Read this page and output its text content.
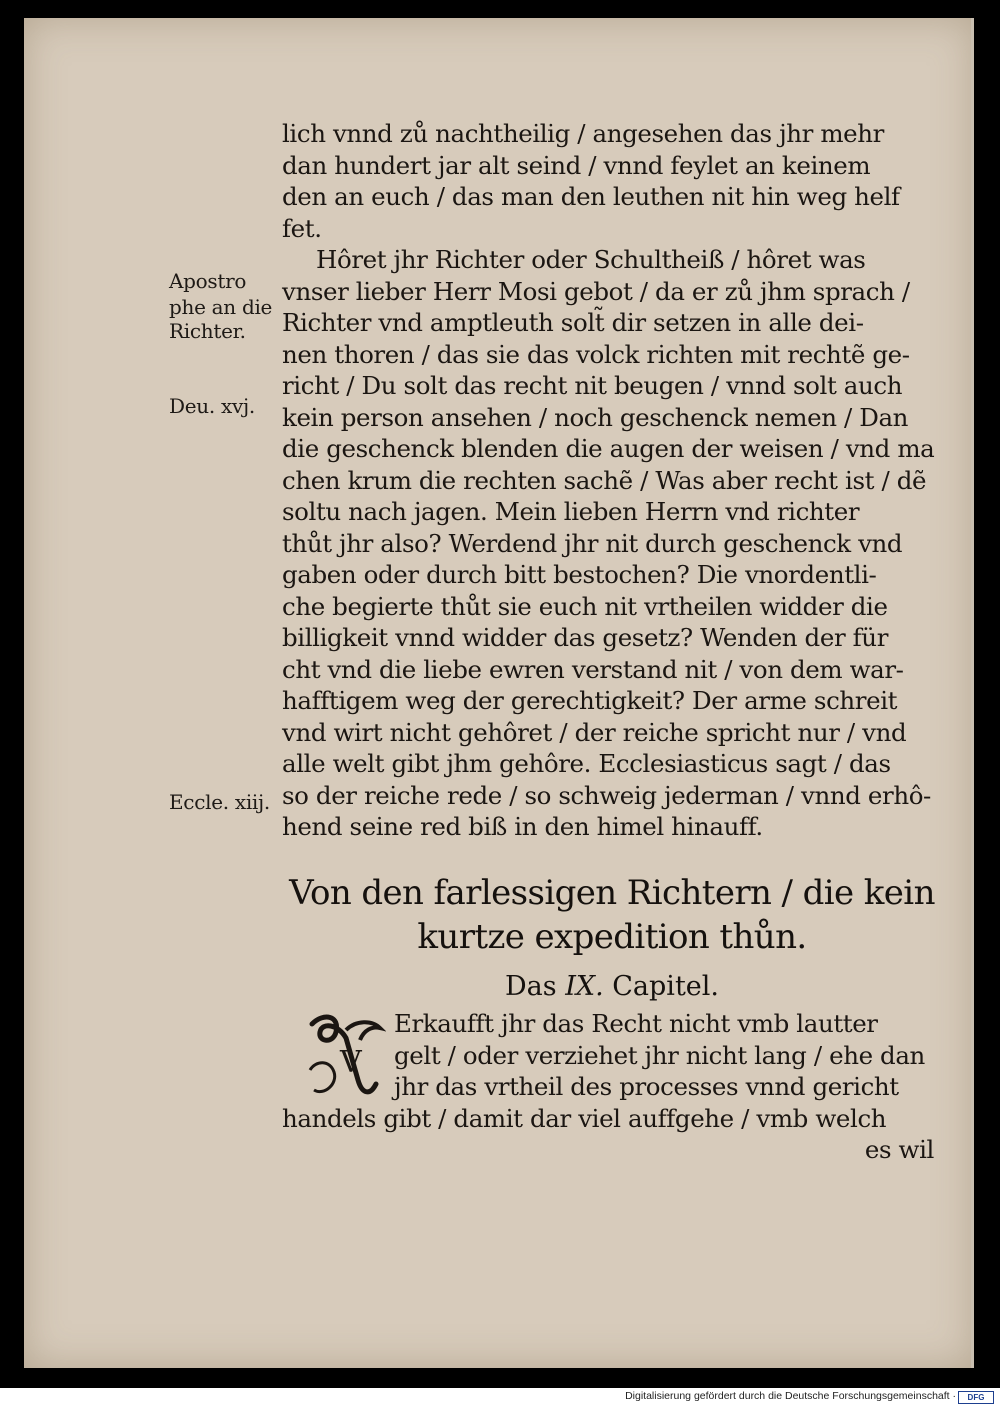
Apostro
phe an die
Richter.
Deu. xvj.
Eccle. xiij.
lich vnnd zů nachtheilig / angesehen das jhr mehr
dan hundert jar alt seind / vnnd feylet an keinem
den an euch / das man den leuthen nit hin weg helf
fet.
Hôret jhr Richter oder Schultheiß / hôret was
vnser lieber Herr Mosi gebot / da er zů jhm sprach /
Richter vnd amptleuth solt̃ dir setzen in alle dei-
nen thoren / das sie das volck richten mit rechtẽ ge-
richt / Du solt das recht nit beugen / vnnd solt auch
kein person ansehen / noch geschenck nemen / Dan
die geschenck blenden die augen der weisen / vnd ma
chen krum die rechten sachẽ / Was aber recht ist / dẽ
soltu nach jagen. Mein lieben Herrn vnd richter
thůt jhr also? Werdend jhr nit durch geschenck vnd
gaben oder durch bitt bestochen? Die vnordentli-
che begierte thůt sie euch nit vrtheilen widder die
billigkeit vnnd widder das gesetz? Wenden der für
cht vnd die liebe ewren verstand nit / von dem war-
hafftigem weg der gerechtigkeit? Der arme schreit
vnd wirt nicht gehôret / der reiche spricht nur / vnd
alle welt gibt jhm gehôre. Ecclesiasticus sagt / das
so der reiche rede / so schweig jederman / vnnd erhô-
hend seine red biß in den himel hinauff.
Von den farlessigen Richtern / die kein
kurtze expedition thůn.
Das IX. Capitel.
V
Erkaufft jhr das Recht nicht vmb lautter
gelt / oder verziehet jhr nicht lang / ehe dan
jhr das vrtheil des processes vnnd gericht
handels gibt / damit dar viel auffgehe / vmb welch
es wil
Digitalisierung gefördert durch die Deutsche Forschungsgemeinschaft ·	DFG
